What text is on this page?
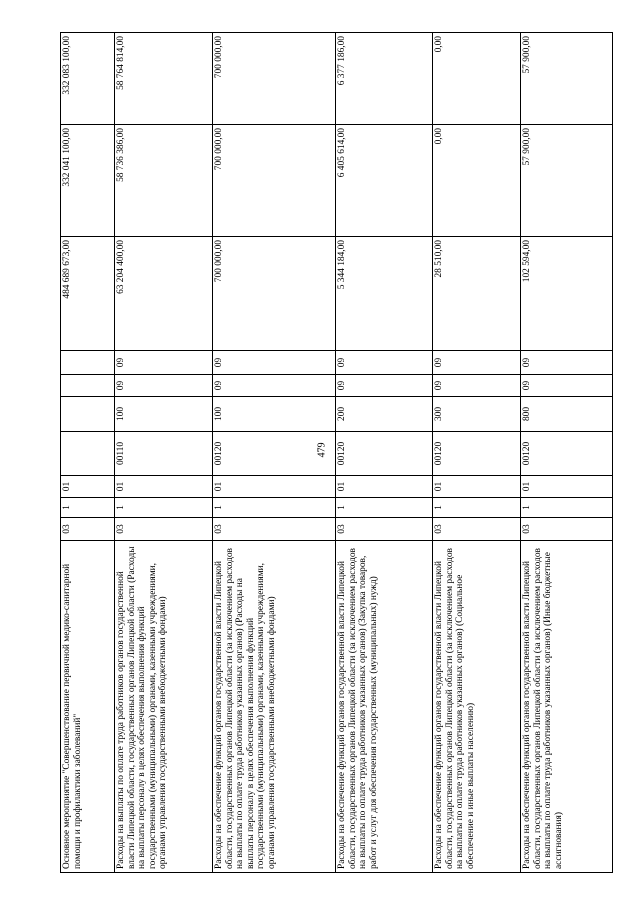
479
Основное мероприятие "Совершенствование первичной медико-санитарной помощи и профилактики заболеваний"	03	1	01					484 689 673,00	332 041 100,00	332 083 100,00
Расходы на выплаты по оплате труда работников органов государственной власти Липецкой области, государственных органов Липецкой области (Расходы на выплаты персоналу в целях обеспечения выполнения функций государственными (муниципальными) органами, казенными учреждениями, органами управления государственными внебюджетными фондами)	03	1	01	00110	100	09	09	63 204 400,00	58 736 386,00	58 764 814,00
Расходы на обеспечение функций органов государственной власти Липецкой области, государственных органов Липецкой области (за исключением расходов на выплаты по оплате труда работников указанных органов) (Расходы на выплаты персоналу в целях обеспечения выполнения функций государственными (муниципальными) органами, казенными учреждениями, органами управления государственными внебюджетными фондами)	03	1	01	00120	100	09	09	700 000,00	700 000,00	700 000,00
Расходы на обеспечение функций органов государственной власти Липецкой области, государственных органов Липецкой области (за исключением расходов на выплаты по оплате труда работников указанных органов) (Закупка товаров, работ и услуг для обеспечения государственных (муниципальных) нужд)	03	1	01	00120	200	09	09	5 344 184,00	6 405 614,00	6 377 186,00
Расходы на обеспечение функций органов государственной власти Липецкой области, государственных органов Липецкой области (за исключением расходов на выплаты по оплате труда работников указанных органов) (Социальное обеспечение и иные выплаты населению)	03	1	01	00120	300	09	09	28 510,00	0,00	0,00
Расходы на обеспечение функций органов государственной власти Липецкой области, государственных органов Липецкой области (за исключением расходов на выплаты по оплате труда работников указанных органов) (Иные бюджетные ассигнования)	03	1	01	00120	800	09	09	102 594,00	57 900,00	57 900,00
